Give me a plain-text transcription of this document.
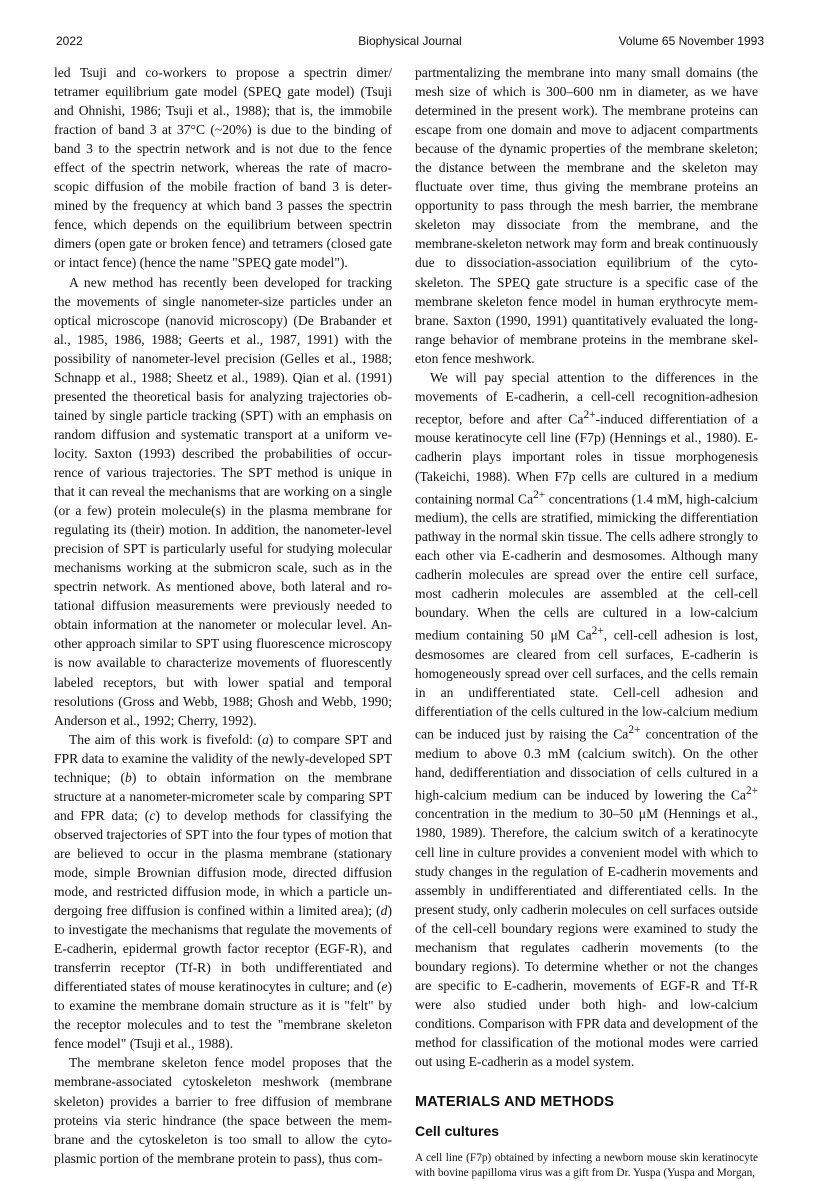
2022	Biophysical Journal	Volume 65 November 1993

led Tsuji and co-workers to propose a spectrin dimer/ tetramer equilibrium gate model (SPEQ gate model) (Tsuji and Ohnishi, 1986; Tsuji et al., 1988); that is, the immobile fraction of band 3 at 37°C (~20%) is due to the binding of band 3 to the spectrin network and is not due to the fence effect of the spectrin network, whereas the rate of macroscopic diffusion of the mobile fraction of band 3 is determined by the frequency at which band 3 passes the spectrin fence, which depends on the equilibrium between spectrin dimers (open gate or broken fence) and tetramers (closed gate or intact fence) (hence the name "SPEQ gate model").

A new method has recently been developed for tracking the movements of single nanometer-size particles under an optical microscope (nanovid microscopy) (De Brabander et al., 1985, 1986, 1988; Geerts et al., 1987, 1991) with the possibility of nanometer-level precision (Gelles et al., 1988; Schnapp et al., 1988; Sheetz et al., 1989). Qian et al. (1991) presented the theoretical basis for analyzing trajectories obtained by single particle tracking (SPT) with an emphasis on random diffusion and systematic transport at a uniform velocity. Saxton (1993) described the probabilities of occurrence of various trajectories. The SPT method is unique in that it can reveal the mechanisms that are working on a single (or a few) protein molecule(s) in the plasma membrane for regulating its (their) motion. In addition, the nanometer-level precision of SPT is particularly useful for studying molecular mechanisms working at the submicron scale, such as in the spectrin network. As mentioned above, both lateral and rotational diffusion measurements were previously needed to obtain information at the nanometer or molecular level. Another approach similar to SPT using fluorescence microscopy is now available to characterize movements of fluorescently labeled receptors, but with lower spatial and temporal resolutions (Gross and Webb, 1988; Ghosh and Webb, 1990; Anderson et al., 1992; Cherry, 1992).

The aim of this work is fivefold: (a) to compare SPT and FPR data to examine the validity of the newly-developed SPT technique; (b) to obtain information on the membrane structure at a nanometer-micrometer scale by comparing SPT and FPR data; (c) to develop methods for classifying the observed trajectories of SPT into the four types of motion that are believed to occur in the plasma membrane (stationary mode, simple Brownian diffusion mode, directed diffusion mode, and restricted diffusion mode, in which a particle undergoing free diffusion is confined within a limited area); (d) to investigate the mechanisms that regulate the movements of E-cadherin, epidermal growth factor receptor (EGF-R), and transferrin receptor (Tf-R) in both undifferentiated and differentiated states of mouse keratinocytes in culture; and (e) to examine the membrane domain structure as it is "felt" by the receptor molecules and to test the "membrane skeleton fence model" (Tsuji et al., 1988).

The membrane skeleton fence model proposes that the membrane-associated cytoskeleton meshwork (membrane skeleton) provides a barrier to free diffusion of membrane proteins via steric hindrance (the space between the membrane and the cytoskeleton is too small to allow the cytoplasmic portion of the membrane protein to pass), thus com-

partmentalizing the membrane into many small domains (the mesh size of which is 300–600 nm in diameter, as we have determined in the present work). The membrane proteins can escape from one domain and move to adjacent compartments because of the dynamic properties of the membrane skeleton; the distance between the membrane and the skeleton may fluctuate over time, thus giving the membrane proteins an opportunity to pass through the mesh barrier, the membrane skeleton may dissociate from the membrane, and the membrane-skeleton network may form and break continuously due to dissociation-association equilibrium of the cytoskeleton. The SPEQ gate structure is a specific case of the membrane skeleton fence model in human erythrocyte membrane. Saxton (1990, 1991) quantitatively evaluated the long-range behavior of membrane proteins in the membrane skeleton fence meshwork.

We will pay special attention to the differences in the movements of E-cadherin, a cell-cell recognition-adhesion receptor, before and after $Ca^{2+}$-induced differentiation of a mouse keratinocyte cell line (F7p) (Hennings et al., 1980). E-cadherin plays important roles in tissue morphogenesis (Takeichi, 1988). When F7p cells are cultured in a medium containing normal $Ca^{2+}$ concentrations (1.4 mM, high-calcium medium), the cells are stratified, mimicking the differentiation pathway in the normal skin tissue. The cells adhere strongly to each other via E-cadherin and desmosomes. Although many cadherin molecules are spread over the entire cell surface, most cadherin molecules are assembled at the cell-cell boundary. When the cells are cultured in a low-calcium medium containing 50 μM $Ca^{2+}$, cell-cell adhesion is lost, desmosomes are cleared from cell surfaces, E-cadherin is homogeneously spread over cell surfaces, and the cells remain in an undifferentiated state. Cell-cell adhesion and differentiation of the cells cultured in the low-calcium medium can be induced just by raising the $Ca^{2+}$ concentration of the medium to above 0.3 mM (calcium switch). On the other hand, dedifferentiation and dissociation of cells cultured in a high-calcium medium can be induced by lowering the $Ca^{2+}$ concentration in the medium to 30–50 μM (Hennings et al., 1980, 1989). Therefore, the calcium switch of a keratinocyte cell line in culture provides a convenient model with which to study changes in the regulation of E-cadherin movements and assembly in undifferentiated and differentiated cells. In the present study, only cadherin molecules on cell surfaces outside of the cell-cell boundary regions were examined to study the mechanism that regulates cadherin movements (to the boundary regions). To determine whether or not the changes are specific to E-cadherin, movements of EGF-R and Tf-R were also studied under both high- and low-calcium conditions. Comparison with FPR data and development of the method for classification of the motional modes were carried out using E-cadherin as a model system.

MATERIALS AND METHODS
Cell cultures

A cell line (F7p) obtained by infecting a newborn mouse skin keratinocyte with bovine papilloma virus was a gift from Dr. Yuspa (Yuspa and Morgan,
